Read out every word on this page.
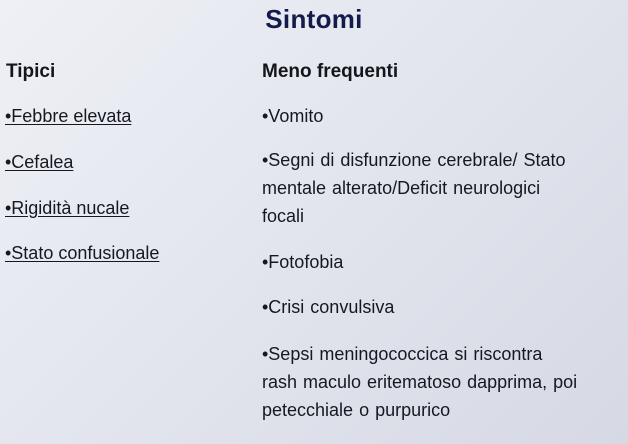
Sintomi
Tipici	Meno frequenti
•Febbre elevata
•Cefalea
•Rigidità nucale
•Stato confusionale
•Vomito
•Segni di disfunzione cerebrale/ Stato
mentale alterato/Deficit neurologici
focali
•Fotofobia
•Crisi convulsiva
•Sepsi meningococcica si riscontra
rash maculo eritematoso dapprima, poi
petecchiale o purpurico
